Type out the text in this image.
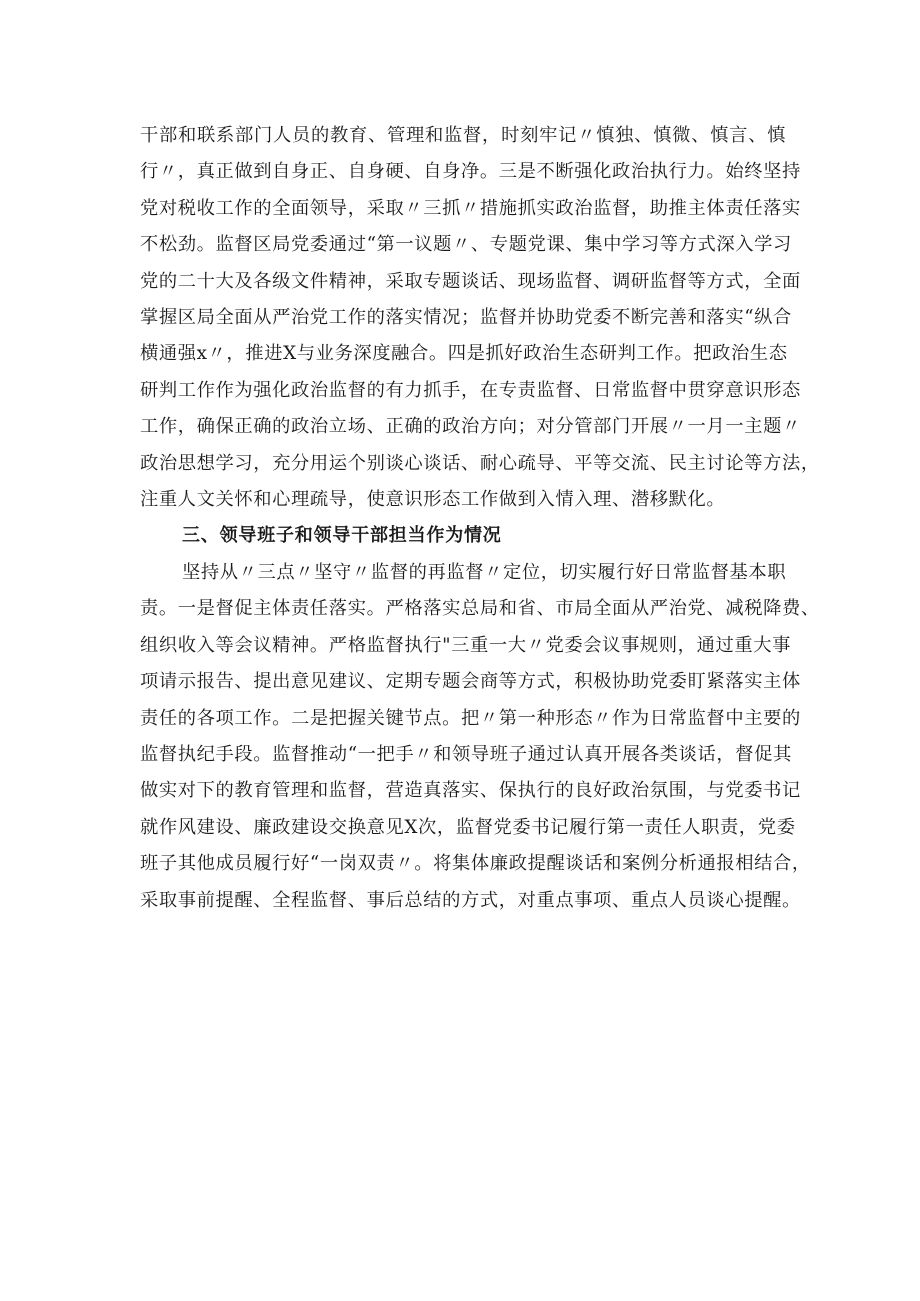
干部和联系部门人员的教育、管理和监督，时刻牢记〃慎独、慎微、慎言、慎
行〃，真正做到自身正、自身硬、自身净。三是不断强化政治执行力。始终坚持
党对税收工作的全面领导，采取〃三抓〃措施抓实政治监督，助推主体责任落实
不松劲。监督区局党委通过“第一议题〃、专题党课、集中学习等方式深入学习
党的二十大及各级文件精神，采取专题谈话、现场监督、调研监督等方式，全面
掌握区局全面从严治党工作的落实情况；监督并协助党委不断完善和落实“纵合
横通强x〃，推进X与业务深度融合。四是抓好政治生态研判工作。把政治生态
研判工作作为强化政治监督的有力抓手，在专责监督、日常监督中贯穿意识形态
工作，确保正确的政治立场、正确的政治方向；对分管部门开展〃一月一主题〃
政治思想学习，充分用运个别谈心谈话、耐心疏导、平等交流、民主讨论等方法，
注重人文关怀和心理疏导，使意识形态工作做到入情入理、潜移默化。
三、领导班子和领导干部担当作为情况
坚持从〃三点〃坚守〃监督的再监督〃定位，切实履行好日常监督基本职
责。一是督促主体责任落实。严格落实总局和省、市局全面从严治党、减税降费、
组织收入等会议精神。严格监督执行"三重一大〃党委会议事规则，通过重大事
项请示报告、提出意见建议、定期专题会商等方式，积极协助党委盯紧落实主体
责任的各项工作。二是把握关键节点。把〃第一种形态〃作为日常监督中主要的
监督执纪手段。监督推动“一把手〃和领导班子通过认真开展各类谈话，督促其
做实对下的教育管理和监督，营造真落实、保执行的良好政治氛围，与党委书记
就作风建设、廉政建设交换意见X次，监督党委书记履行第一责任人职责，党委
班子其他成员履行好“一岗双责〃。将集体廉政提醒谈话和案例分析通报相结合，
采取事前提醒、全程监督、事后总结的方式，对重点事项、重点人员谈心提醒。
